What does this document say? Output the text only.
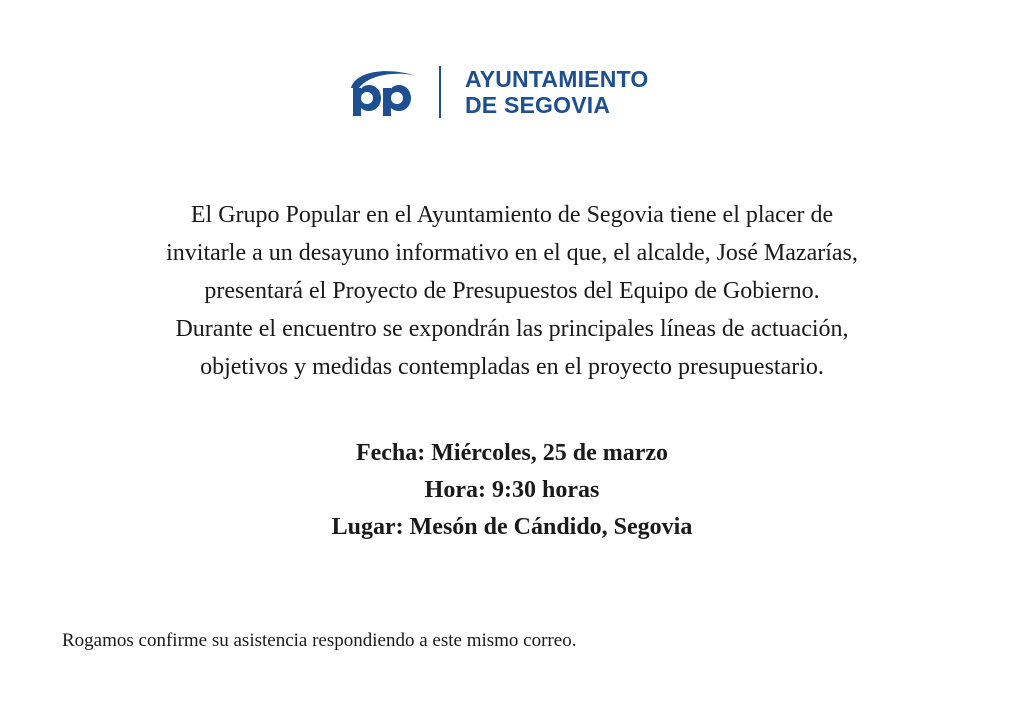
AYUNTAMIENTO
DE SEGOVIA
El Grupo Popular en el Ayuntamiento de Segovia tiene el placer de
invitarle a un desayuno informativo en el que, el alcalde, José Mazarías,
presentará el Proyecto de Presupuestos del Equipo de Gobierno.
Durante el encuentro se expondrán las principales líneas de actuación,
objetivos y medidas contempladas en el proyecto presupuestario.
Fecha: Miércoles, 25 de marzo
Hora: 9:30 horas
Lugar: Mesón de Cándido, Segovia
Rogamos confirme su asistencia respondiendo a este mismo correo.
